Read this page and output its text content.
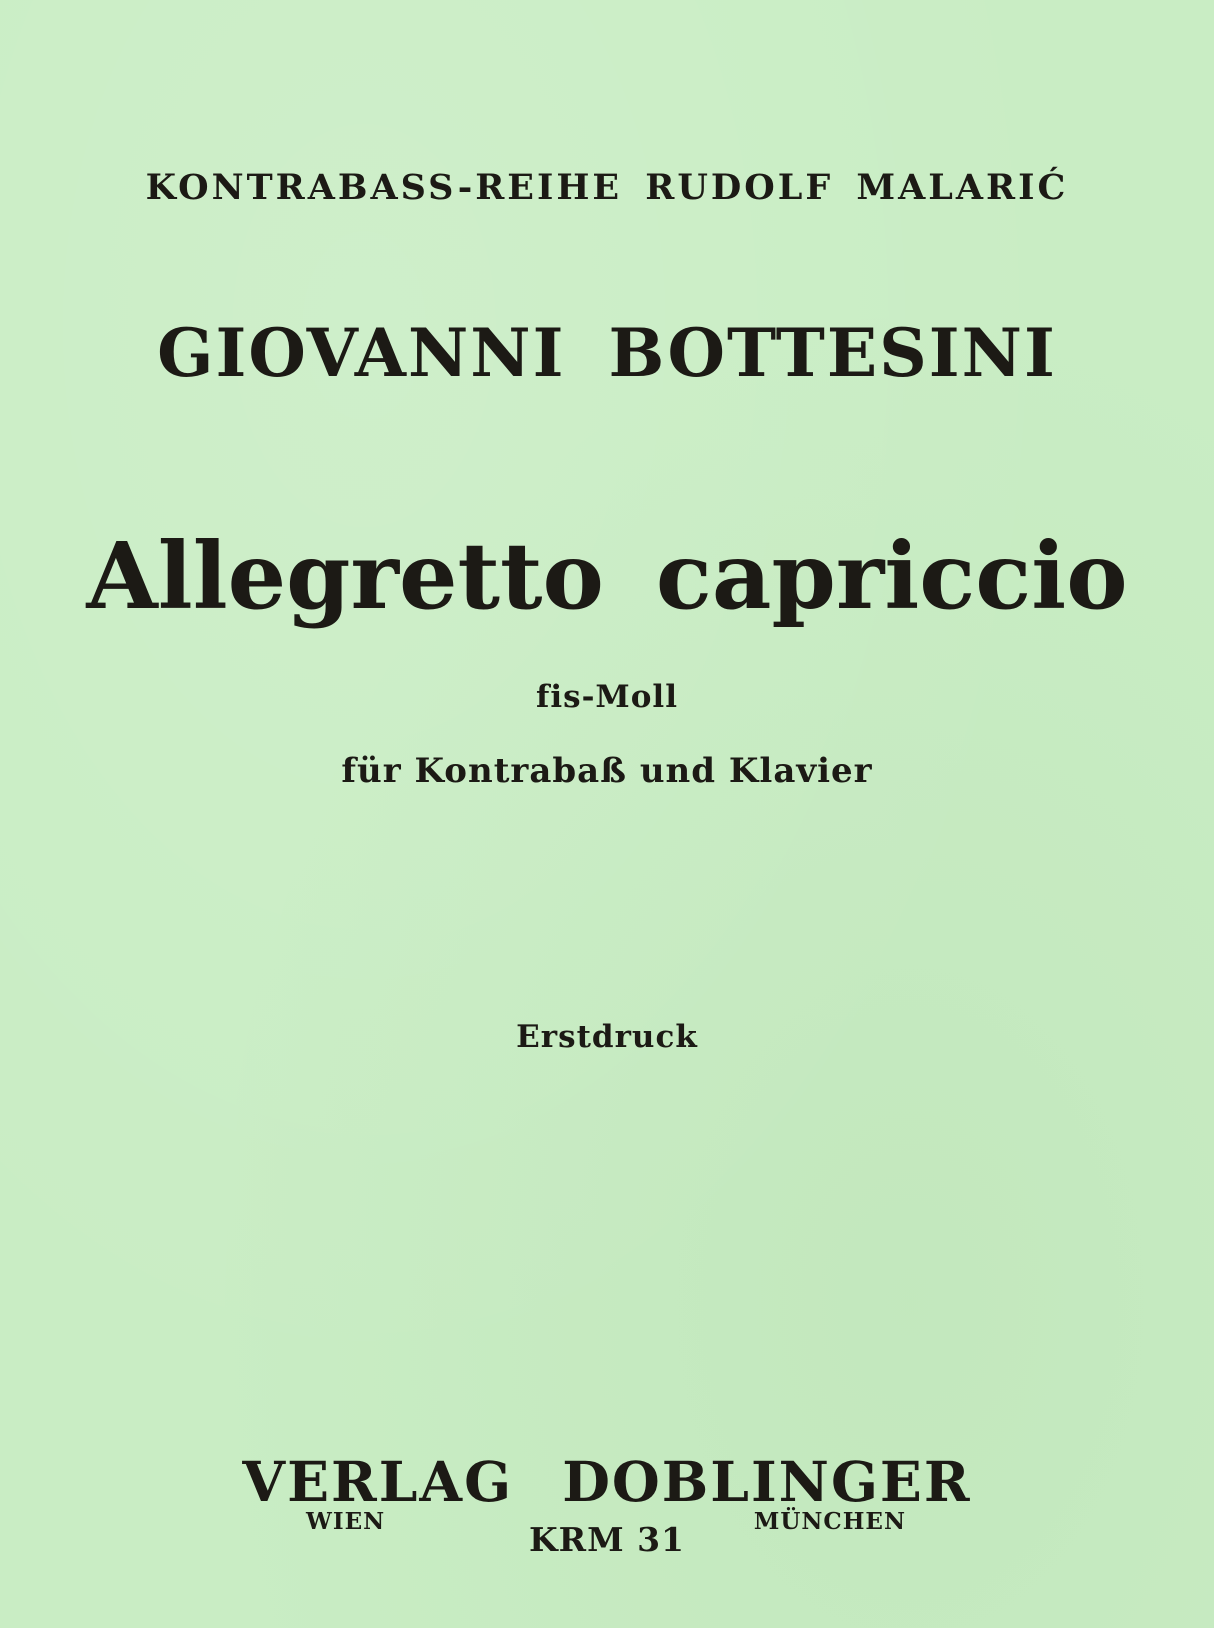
KONTRABASS-REIHE RUDOLF MALARIĆ
GIOVANNI BOTTESINI
Allegretto capriccio
fis-Moll
für Kontrabaß und Klavier
Erstdruck
VERLAG DOBLINGER
WIEN	MÜNCHEN
KRM 31
